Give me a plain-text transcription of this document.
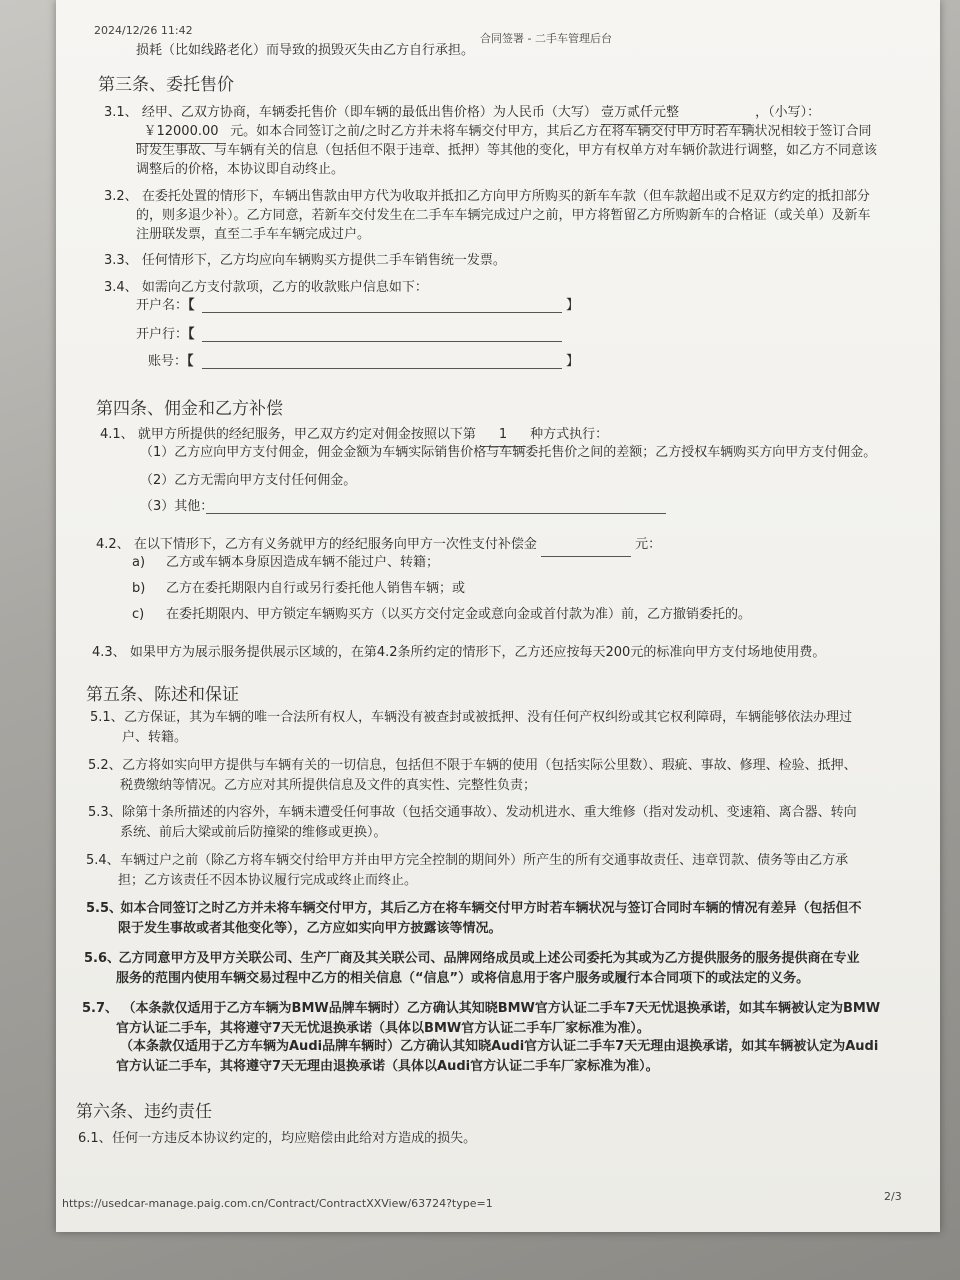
2024/12/26 11:42
合同签署 - 二手车管理后台
损耗（比如线路老化）而导致的损毁灭失由乙方自行承担。
第三条、委托售价
3.1、 经甲、乙双方协商，车辆委托售价（即车辆的最低出售价格）为人民币（大写） 壹万贰仟元整	，（小写）：
￥12000.00 元。如本合同签订之前/之时乙方并未将车辆交付甲方，其后乙方在将车辆交付甲方时若车辆状况相较于签订合同
时发生事故、与车辆有关的信息（包括但不限于违章、抵押）等其他的变化，甲方有权单方对车辆价款进行调整，如乙方不同意该
调整后的价格，本协议即自动终止。
3.2、 在委托处置的情形下，车辆出售款由甲方代为收取并抵扣乙方向甲方所购买的新车车款（但车款超出或不足双方约定的抵扣部分
的，则多退少补）。乙方同意，若新车交付发生在二手车车辆完成过户之前，甲方将暂留乙方所购新车的合格证（或关单）及新车
注册联发票，直至二手车车辆完成过户。
3.3、 任何情形下，乙方均应向车辆购买方提供二手车销售统一发票。
3.4、 如需向乙方支付款项，乙方的收款账户信息如下：
开户名：【	】
开户行：【
账号：【	】
第四条、佣金和乙方补偿
4.1、 就甲方所提供的经纪服务，甲乙双方约定对佣金按照以下第 1 种方式执行：
（1）乙方应向甲方支付佣金，佣金金额为车辆实际销售价格与车辆委托售价之间的差额；乙方授权车辆购买方向甲方支付佣金。
（2）乙方无需向甲方支付任何佣金。
（3）其他：
4.2、 在以下情形下，乙方有义务就甲方的经纪服务向甲方一次性支付补偿金	元：
a) 乙方或车辆本身原因造成车辆不能过户、转籍；
b) 乙方在委托期限内自行或另行委托他人销售车辆；或
c) 在委托期限内、甲方锁定车辆购买方（以买方交付定金或意向金或首付款为准）前，乙方撤销委托的。
4.3、 如果甲方为展示服务提供展示区域的，在第4.2条所约定的情形下，乙方还应按每天200元的标准向甲方支付场地使用费。
第五条、陈述和保证
5.1、 乙方保证，其为车辆的唯一合法所有权人，车辆没有被查封或被抵押、没有任何产权纠纷或其它权利障碍，车辆能够依法办理过
户、转籍。
5.2、 乙方将如实向甲方提供与车辆有关的一切信息，包括但不限于车辆的使用（包括实际公里数）、瑕疵、事故、修理、检验、抵押、
税费缴纳等情况。乙方应对其所提供信息及文件的真实性、完整性负责；
5.3、 除第十条所描述的内容外，车辆未遭受任何事故（包括交通事故）、发动机进水、重大维修（指对发动机、变速箱、离合器、转向
系统、前后大梁或前后防撞梁的维修或更换）。
5.4、 车辆过户之前（除乙方将车辆交付给甲方并由甲方完全控制的期间外）所产生的所有交通事故责任、违章罚款、债务等由乙方承
担；乙方该责任不因本协议履行完成或终止而终止。
5.5、 如本合同签订之时乙方并未将车辆交付甲方，其后乙方在将车辆交付甲方时若车辆状况与签订合同时车辆的情况有差异（包括但不
限于发生事故或者其他变化等），乙方应如实向甲方披露该等情况。
5.6、 乙方同意甲方及甲方关联公司、生产厂商及其关联公司、品牌网络成员或上述公司委托为其或为乙方提供服务的服务提供商在专业
服务的范围内使用车辆交易过程中乙方的相关信息（“信息”）或将信息用于客户服务或履行本合同项下的或法定的义务。
5.7、 （本条款仅适用于乙方车辆为BMW品牌车辆时）乙方确认其知晓BMW官方认证二手车7天无忧退换承诺，如其车辆被认定为BMW
官方认证二手车，其将遵守7天无忧退换承诺（具体以BMW官方认证二手车厂家标准为准）。
（本条款仅适用于乙方车辆为Audi品牌车辆时）乙方确认其知晓Audi官方认证二手车7天无理由退换承诺，如其车辆被认定为Audi
官方认证二手车，其将遵守7天无理由退换承诺（具体以Audi官方认证二手车厂家标准为准）。
第六条、违约责任
6.1、 任何一方违反本协议约定的，均应赔偿由此给对方造成的损失。
https://usedcar-manage.paig.com.cn/Contract/ContractXXView/63724?type=1
2/3
